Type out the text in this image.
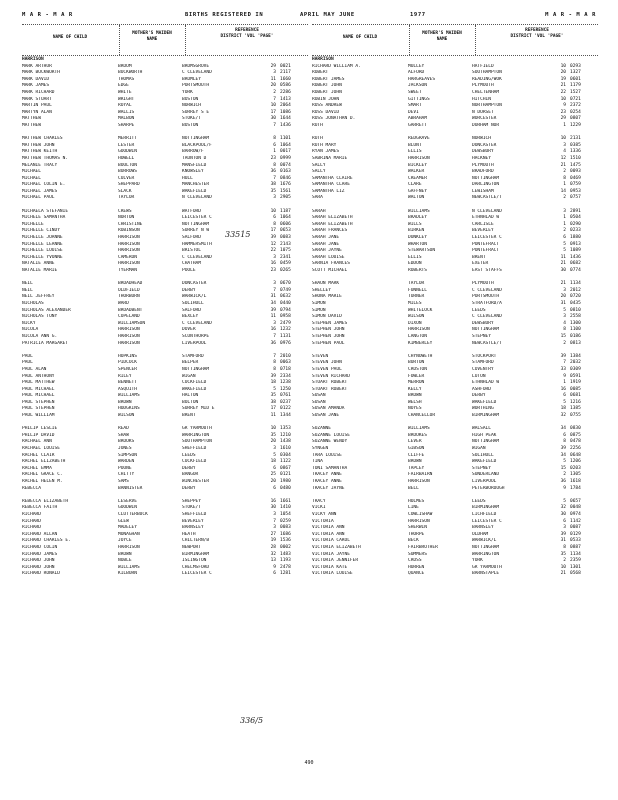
M A R - M A R	BIRTHS REGISTERED IN	APRIL MAY JUNE	1977	M A R - M A R
NAME OF CHILD
MOTHER'S MAIDEN
NAME
REFERENCE
DISTRICT 'VOL 'PAGE'	NAME OF CHILD
MOTHER'S MAIDEN
NAME
REFERENCE
DISTRICT 'VOL 'PAGE'
HARRISON
MARK ARTHUR	BROOM	BROMSGROVE	29 0021
MARK BUCKWORTH	BUCKWORTH	C CLEVELAND	3 2117
MARK DAVID	THOMAS	BROMLEY	11 1660
MARK JAMES	EDGE	PORTSMOUTH	20 0586
MARK RICHARD	WHITE	YORK	2 2286
MARK STUART	WRIGHT	BOSTON	7 1413
MARTIN PAUL	ROYAL	NORWICH	10 2064
MARTYN ALAN	WALLIS	SURREY S E	17 1086
MATTHEW	MALBON	STOKE/T	30 1644
MATTHEW	SHARPE	BOSTON	7 1436
MATTHEW CHARLES	MERRITT	NOTTINGHAM	8 1101
MATTHEW JOHN	LESTER	BLACKPOOL/F	6 1064
MATTHEW KEITH	GOODWIN	BARROW/F	1 0017
MATTHEW THOMAS N.	HOWELL	TAUNTON D	23 0999
MELANIE TRACY	BOULTON	MANSFIELD	8 0074
MICHAEL	BURROWS	KNOWSLEY	36 0163
MICHAEL	CULVER	HULL	7 0846
MICHAEL COLIN E.	SHEPPARD	MANCHESTER	38 1676
MICHAEL JAMES	SLACK	WAKEFIELD	35 1561
MICHAEL PAUL	TAYLOR	N CLEVELAND	3 2905
MICHAELA STEFANIE	CREWS	WATFORD	10 1187
MICHELE SAMANTHA	NORTON	LEICESTER C	6 1064
MICHELLE	CHRISTINE	NOTTINGHAM	8 0606
MICHELLE CINDY	ROBINSON	SURREY N W	17 0653
MICHELLE JOANNE	HARRISON	SALFORD	39 0083
MICHELLE LEANNE	HARRISON	HAMMERSMITH	12 2143
MICHELLE LOUISE	HARRISON	BRISTOL	22 1075
MICHELLE YVONNE	CAMERON	C CLEVELAND	3 2341
NATALIE ANNE	HARRISON	CHATHAM	16 0459
NATALIE MARIE	TYERMAN	POOLE	23 0265
NEIL	BROADHEAD	DONCASTER	3 0670
NEIL	OLDFIELD	DERBY	7 0749
NEIL JEFFREY	THORBURN	WARWICK/L	31 0632
NICHOLAS	WARD	SOLIHULL	34 0440
NICHOLAS ALEXANDER	BROADBENT	SALFORD	39 0794
NICHOLAS TONY	COPELAND	BEXLEY	11 0958
NICKY	WILLIAMSON	C CLEVELAND	3 2479
NICOLA	HARRISON	DOVER	16 1232
NICOLA ANN G.	HARRISON	SCUNTHORPE	7 1131
PATRICIA MARGARET	HARRISON	LIVERPOOL	36 0976
PAUL	HOPKINS	STAMFORD	7 2010
PAUL	PIDCOCK	BELPER	8 0063
PAUL ALAN	SPENCER	NOTTINGHAM	8 0718
PAUL ANTHONY	RILEY	WIGAN	39 2334
PAUL MATTHEW	BENNETT	CUCKFIELD	18 1238
PAUL MICHAEL	ASQUITH	WAKEFIELD	5 1250
PAUL MICHAEL	WILLIAMS	HALTON	35 0761
PAUL STEPHEN	BROWN	BOLTON	38 0237
PAUL STEPHEN	HODGKINS	SURREY MID E	17 0122
PAUL WILLIAM	WILSON	BRENT	11 1344
PHILIP LESLIE	READ	GR YARMOUTH	10 1353
PHILIP DAVID	SHAW	WARRINGTON	35 1210
RACHAEL ANN	BROOKS	SOUTHAMPTON	20 1438
RACHAEL LOUISE	JONES	SHEFFIELD	3 1610
RACHEL CLAIR	SIMPSON	LEEDS	5 0304
RACHEL ELIZABETH	WARDEN	CUCKFIELD	18 1122
RACHEL EMMA	POUNE	DERBY	6 0867
RACHEL GRACE C.	CHITTY	BANGOR	25 0121
RACHEL HELEN M.	SAMS	WINCHESTER	20 1980
REBECCA	BANNISTER	DERBY	6 0480
REBECCA ELIZABETH	LESERVE	SHEPPEY	16 1661
REBECCA FAITH	GOODWIN	STOKE/T	30 1410
RICHARD	CLUTTERBUCK	SHEFFIELD	3 1054
RICHARD	GLEW	BEVERLEY	7 0259
RICHARD	MADELEY	BARNSLEY	3 0083
RICHARD ALLAN	MONAGHAN	HEATH	27 1686
RICHARD CHARLES E.	JOYCE	CHILTERN/B	19 1536
RICHARD COLIN	HARRISON	NEWPORT	28 0002
RICHARD JAMES	BROWN	BIRMINGHAM	32 1483
RICHARD JOHN	NOBLE	ISLINGTON	13 1193
RICHARD JOHN	WILLIAMS	CHELMSFORD	9 2478
RICHARD RONALD	KILBURN	LEICESTER C	6 1281
HARRISON
RICHARD WILLIAM A.	MULLEY	HATFIELD	10 0293
ROBERT	ALFORD	SOUTHAMPTON	20 1327
ROBERT JAMES	HARGREAVES	READING/WOK	19 0601
ROBERT JOHN	JACKSON	PLYMOUTH	21 1179
ROBERT JOHN	SWEET	CHELTENHAM	22 1527
ROBIN JOHN	GITTINGS	HITCHIN	10 0721
ROSS ANDREW	SMART	NORTHAMPTON	9 2372
ROSS DAVID	DEVI	N DORSET	23 0254
ROSS JONATHAN D.	ABRAHAM	WORCESTER	29 0807
RUTH	GARRETT	DURHAM NOR	1 1229
RUTH	REDGRAVE	NORWICH	10 2131
RUTH MARY	BLUNT	DONCASTER	3 0385
RYAN JAMES	ELLIS	DEWSBURY	4 1336
SABRINA MARIE	HARRISON	HACKNEY	12 1510
SALLY	BICKLEY	PLYMOUTH	21 1475
SALLY	WALKER	BRADFORD	2 0093
SAMANTHA CLAIRE	CREAMER	NOTTINGHAM	8 0469
SAMANTHA CLARE	CLARE	DARLINGTON	1 0759
SAMANTHA LIZ	GAFFNEY	LEWISHAM	14 0953
SARA	WALTON	NEWCASTLE/T	2 0757
SARAH	WILLIAMS	N CLEVELAND	3 2891
SARAH ELIZABETH	BRADLEY	ETHNHLAD W	1 0504
SARAH ELIZABETH	WILLS	CARLISLE	1 0290
SARAH FRANCES	BIRKEN	BEVERLEY	2 0233
SARAH JANE	DUNKLEY	LEICESTER C	6 1880
SARAH JANE	WHARTON	PONTEFRACT	5 0913
SARAH JAYNE	STEWARTSON	PONTEFRACT	5 1089
SARAH LOUISE	ELLIS	BRENT	11 1436
SARNIA FRANCES	EDDON	EXETER	21 0682
SCOTT MICHAEL	ROBERTS	EAST STAFFS	30 0774
SHAUN MARK	TAYLOR	PLYMOUTH	21 1134
SHELLEY	FUNNELL	C CLEVELAND	3 2012
SHONA MARIE	TURNER	PORTSMOUTH	20 0720
SIMON	MILES	STRATFORD/A	31 0435
SIMON	WHITELOCK	LEEDS	5 0810
SIMON DAVID	WILSON	C CLEVELAND	3 2558
STEPHEN JAMES	DIXON	DEWSBURY	4 1300
STEPHEN JOHN	HARRISON	NOTTINGHAM	8 1100
STEPHEN JOHN	LANGTON	STEPNEY	15 0186
STEPHEN PAUL	KIMBERLEY	NEWCASTLE/T	2 0813
STEVEN	CHYNOWETH	STOCKPORT	39 1384
STEVEN JOHN	BURTON	STAMFORD	7 2032
STEVEN PAUL	CROSTON	COVENTRY	33 0309
STEVEN RICHARD	FOWLER	LUTON	9 0591
STUART ROBERT	MERRON	ETHNHLAD W	1 1919
STUART ROBERT	KELLY	ASHFORD	16 0085
SUSAN	BROWN	DERBY	6 0681
SUSAN	WELSH	WAKEFIELD	5 1216
SUSAN AMANDA	NOYES	WORTHING	18 1385
SUSAN JANE	CHANCELLOR	BIRMINGHAM	32 0755
SUZANNE	WILLIAMS	WALSALL	34 0830
SUZANNE LOUISE	BROOKES	HIGH PEAK	6 0875
SUZANNE WENDY	LEVER	NOTTINGHAM	8 0478
SYNGEN	GIBSON	WIGAN	39 2256
TARA LOUISE	CLIFFE	SOLIHULL	34 0648
TINA	BROWN	WAKEFIELD	5 1206
TONI SAMANTHA	TAPLEY	STEPNEY	15 0203
TRACEY ANNE	FAIRBAIRN	SUNDERLAND	2 1305
TRACEY ANNE	HARRISON	LIVERPOOL	36 1618
TRACEY JAYNE	BELL	PETERBOROUGH	9 1784
TRACY	HOLMES	LEEDS	5 0657
VICKI	LINE	BIRMINGHAM	32 0048
VICKY ANN	COWLISHAW	LICHFIELD	30 0974
VICTORIA	HARRISON	LEICESTER C	6 1142
VICTORIA ANN	SHERWIN	BARNSLEY	3 0087
VICTORIA ANN	THORPE	OLDHAM	39 0129
VICTORIA CAROL	BECK	WARWICK/L	31 0533
VICTORIA ELIZABETH	FAIRBROTHER	NOTTINGHAM	8 0887
VICTORIA JAYNE	SUMMERS	WARRINGTON	35 1134
VICTORIA JENNIFER	CROSS	YORK	2 2359
VICTORIA KATE	HURREN	GR YARMOUTH	10 1301
VICTORIA LOUISE	QUANCE	BARNSTAPLE	21 0568
33515
336/5
490
